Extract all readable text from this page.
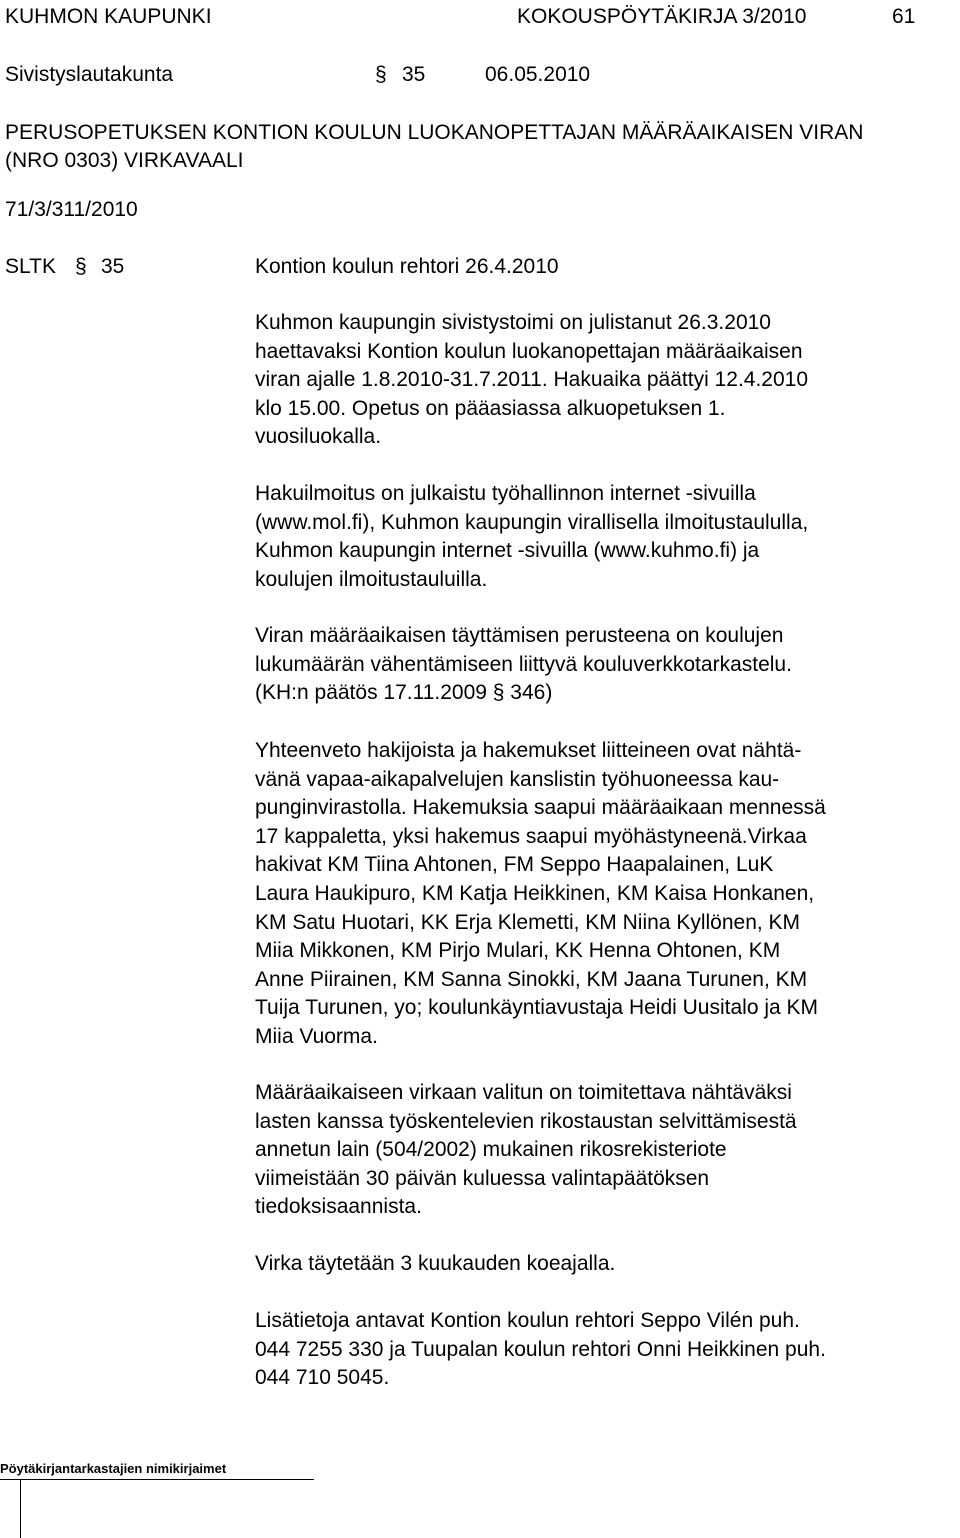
KUHMON KAUPUNKI	KOKOUSPÖYTÄKIRJA 3/2010	61
Sivistyslautakunta	§ 35	06.05.2010
PERUSOPETUKSEN KONTION KOULUN LUOKANOPETTAJAN MÄÄRÄAIKAISEN VIRAN
(NRO 0303) VIRKAVAALI
71/3/311/2010
SLTK § 35	Kontion koulun rehtori 26.4.2010
Kuhmon kaupungin sivistystoimi on julistanut 26.3.2010
haettavaksi Kontion koulun luokanopettajan määräaikaisen
viran ajalle 1.8.2010-31.7.2011. Hakuaika päättyi 12.4.2010
klo 15.00. Opetus on pääasiassa alkuopetuksen 1.
vuosiluokalla.
Hakuilmoitus on julkaistu työhallinnon internet -sivuilla
(www.mol.fi), Kuhmon kaupungin virallisella ilmoitustaululla,
Kuhmon kaupungin internet -sivuilla (www.kuhmo.fi) ja
koulujen ilmoitustauluilla.
Viran määräaikaisen täyttämisen perusteena on koulujen
lukumäärän vähentämiseen liittyvä kouluverkkotarkastelu.
(KH:n päätös 17.11.2009 § 346)
Yhteenveto hakijoista ja hakemukset liitteineen ovat nähtä-
vänä vapaa-aikapalvelujen kanslistin työhuoneessa kau-
punginvirastolla. Hakemuksia saapui määräaikaan mennessä
17 kappaletta, yksi hakemus saapui myöhästyneenä.Virkaa
hakivat KM Tiina Ahtonen, FM Seppo Haapalainen, LuK
Laura Haukipuro, KM Katja Heikkinen, KM Kaisa Honkanen,
KM Satu Huotari, KK Erja Klemetti, KM Niina Kyllönen, KM
Miia Mikkonen, KM Pirjo Mulari, KK Henna Ohtonen, KM
Anne Piirainen, KM Sanna Sinokki, KM Jaana Turunen, KM
Tuija Turunen, yo; koulunkäyntiavustaja Heidi Uusitalo ja KM
Miia Vuorma.
Määräaikaiseen virkaan valitun on toimitettava nähtäväksi
lasten kanssa työskentelevien rikostaustan selvittämisestä
annetun lain (504/2002) mukainen rikosrekisteriote
viimeistään 30 päivän kuluessa valintapäätöksen
tiedoksisaannista.
Virka täytetään 3 kuukauden koeajalla.
Lisätietoja antavat Kontion koulun rehtori Seppo Vilén puh.
044 7255 330 ja Tuupalan koulun rehtori Onni Heikkinen puh.
044 710 5045.
Pöytäkirjantarkastajien nimikirjaimet
